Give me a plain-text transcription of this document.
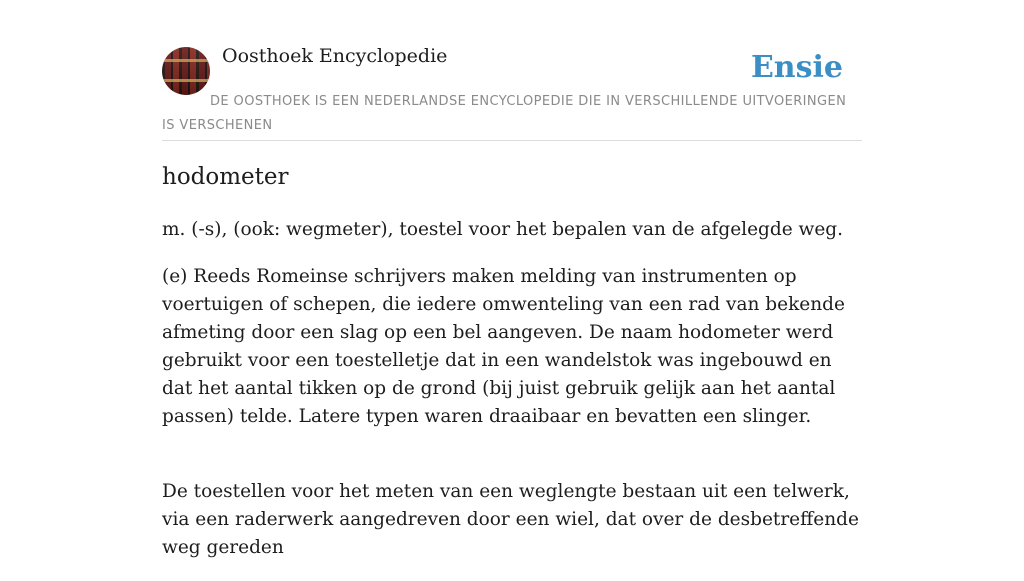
Oosthoek Encyclopedie	Ensie
DE OOSTHOEK IS EEN NEDERLANDSE ENCYCLOPEDIE DIE IN VERSCHILLENDE UITVOERINGEN IS VERSCHENEN
hodometer

m. (-s), (ook: wegmeter), toestel voor het bepalen van de afgelegde weg.

(e) Reeds Romeinse schrijvers maken melding van instrumenten op voertuigen of schepen, die iedere omwenteling van een rad van bekende afmeting door een slag op een bel aangeven. De naam hodometer werd gebruikt voor een toestelletje dat in een wandelstok was ingebouwd en dat het aantal tikken op de grond (bij juist gebruik gelijk aan het aantal passen) telde. Latere typen waren draaibaar en bevatten een slinger.

De toestellen voor het meten van een weglengte bestaan uit een telwerk, via een raderwerk aangedreven door een wiel, dat over de desbetreffende weg gereden
